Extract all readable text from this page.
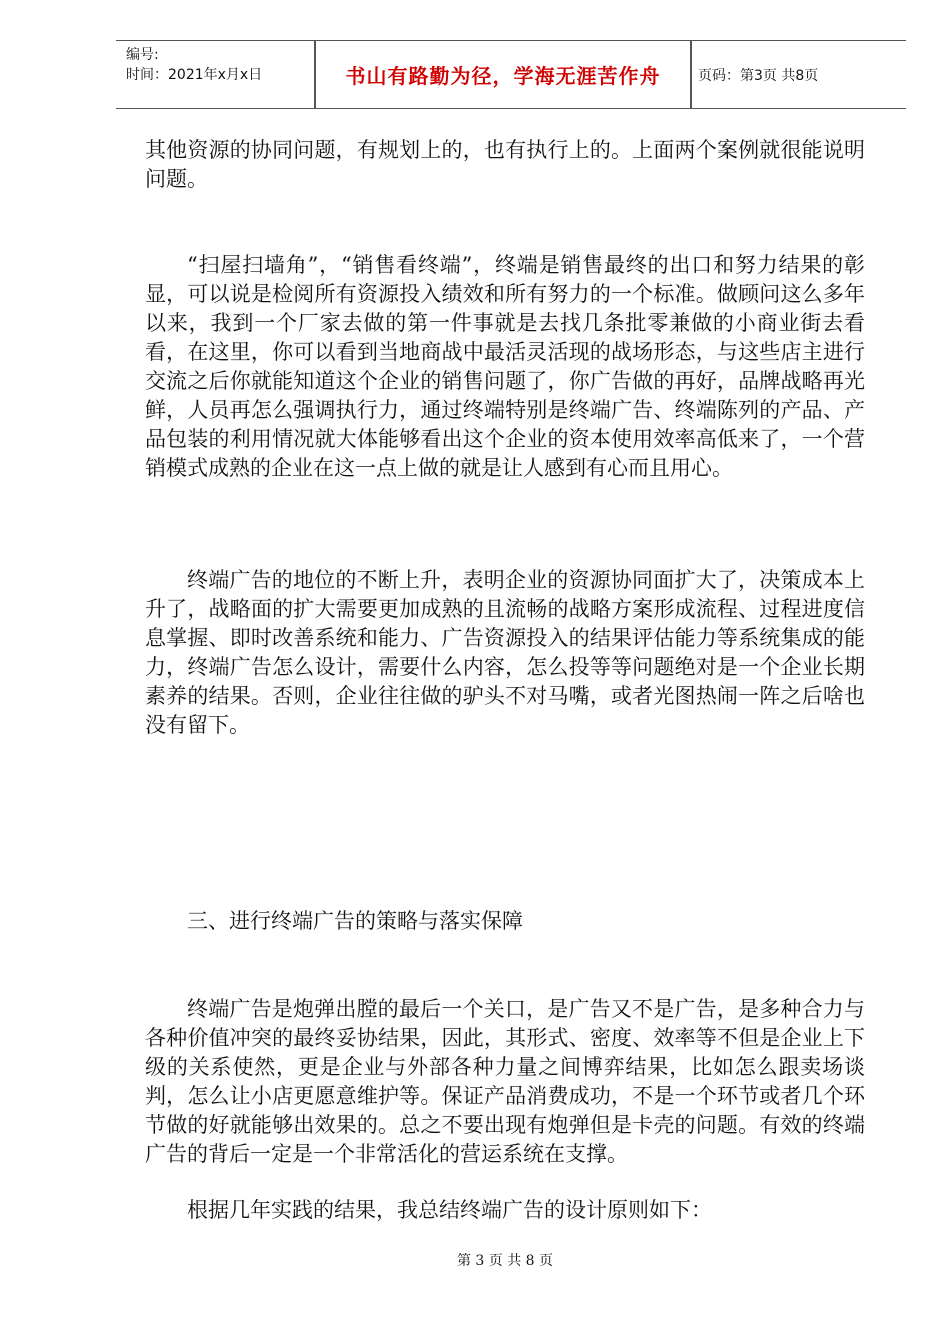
编号:
时间：2021年x月x日	书山有路勤为径，学海无涯苦作舟	页码：第3页 共8页

其他资源的协同问题，有规划上的，也有执行上的。上面两个案例就很能说明问题。

“扫屋扫墙角”，“销售看终端”，终端是销售最终的出口和努力结果的彰显，可以说是检阅所有资源投入绩效和所有努力的一个标准。做顾问这么多年以来，我到一个厂家去做的第一件事就是去找几条批零兼做的小商业街去看看，在这里，你可以看到当地商战中最活灵活现的战场形态，与这些店主进行交流之后你就能知道这个企业的销售问题了，你广告做的再好，品牌战略再光鲜，人员再怎么强调执行力，通过终端特别是终端广告、终端陈列的产品、产品包装的利用情况就大体能够看出这个企业的资本使用效率高低来了，一个营销模式成熟的企业在这一点上做的就是让人感到有心而且用心。

终端广告的地位的不断上升，表明企业的资源协同面扩大了，决策成本上升了，战略面的扩大需要更加成熟的且流畅的战略方案形成流程、过程进度信息掌握、即时改善系统和能力、广告资源投入的结果评估能力等系统集成的能力，终端广告怎么设计，需要什么内容，怎么投等等问题绝对是一个企业长期素养的结果。否则，企业往往做的驴头不对马嘴，或者光图热闹一阵之后啥也没有留下。

三、进行终端广告的策略与落实保障

终端广告是炮弹出膛的最后一个关口，是广告又不是广告，是多种合力与各种价值冲突的最终妥协结果，因此，其形式、密度、效率等不但是企业上下级的关系使然，更是企业与外部各种力量之间博弈结果，比如怎么跟卖场谈判，怎么让小店更愿意维护等。保证产品消费成功，不是一个环节或者几个环节做的好就能够出效果的。总之不要出现有炮弹但是卡壳的问题。有效的终端广告的背后一定是一个非常活化的营运系统在支撑。

根据几年实践的结果，我总结终端广告的设计原则如下：

第 3 页 共 8 页
